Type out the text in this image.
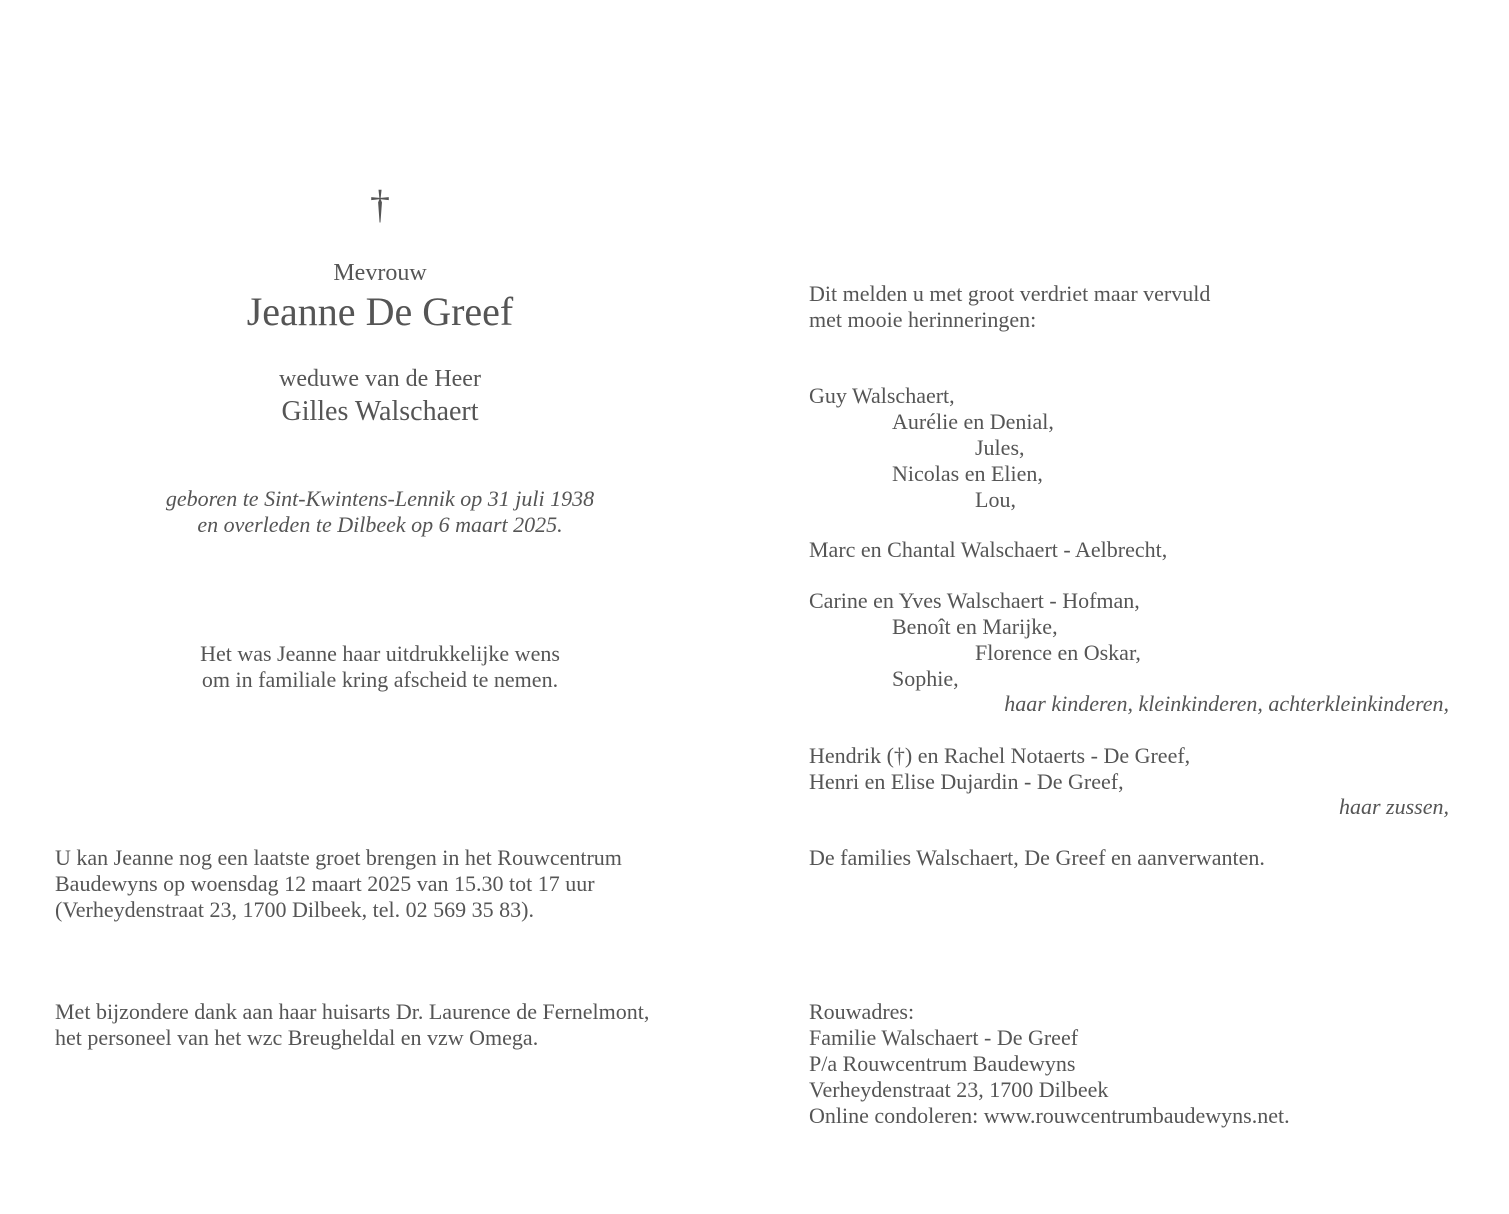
†
Mevrouw
Jeanne De Greef
weduwe van de Heer
Gilles Walschaert
geboren te Sint-Kwintens-Lennik op 31 juli 1938
en overleden te Dilbeek op 6 maart 2025.
Het was Jeanne haar uitdrukkelijke wens
om in familiale kring afscheid te nemen.
U kan Jeanne nog een laatste groet brengen in het Rouwcentrum
Baudewyns op woensdag 12 maart 2025 van 15.30 tot 17 uur
(Verheydenstraat 23, 1700 Dilbeek, tel. 02 569 35 83).
Met bijzondere dank aan haar huisarts Dr. Laurence de Fernelmont,
het personeel van het wzc Breugheldal en vzw Omega.
Dit melden u met groot verdriet maar vervuld
met mooie herinneringen:
Guy Walschaert,
Aurélie en Denial,
Jules,
Nicolas en Elien,
Lou,
Marc en Chantal Walschaert - Aelbrecht,
Carine en Yves Walschaert - Hofman,
Benoît en Marijke,
Florence en Oskar,
Sophie,
haar kinderen, kleinkinderen, achterkleinkinderen,
Hendrik (†) en Rachel Notaerts - De Greef,
Henri en Elise Dujardin - De Greef,
haar zussen,
De families Walschaert, De Greef en aanverwanten.
Rouwadres:
Familie Walschaert - De Greef
P/a Rouwcentrum Baudewyns
Verheydenstraat 23, 1700 Dilbeek
Online condoleren: www.rouwcentrumbaudewyns.net.
